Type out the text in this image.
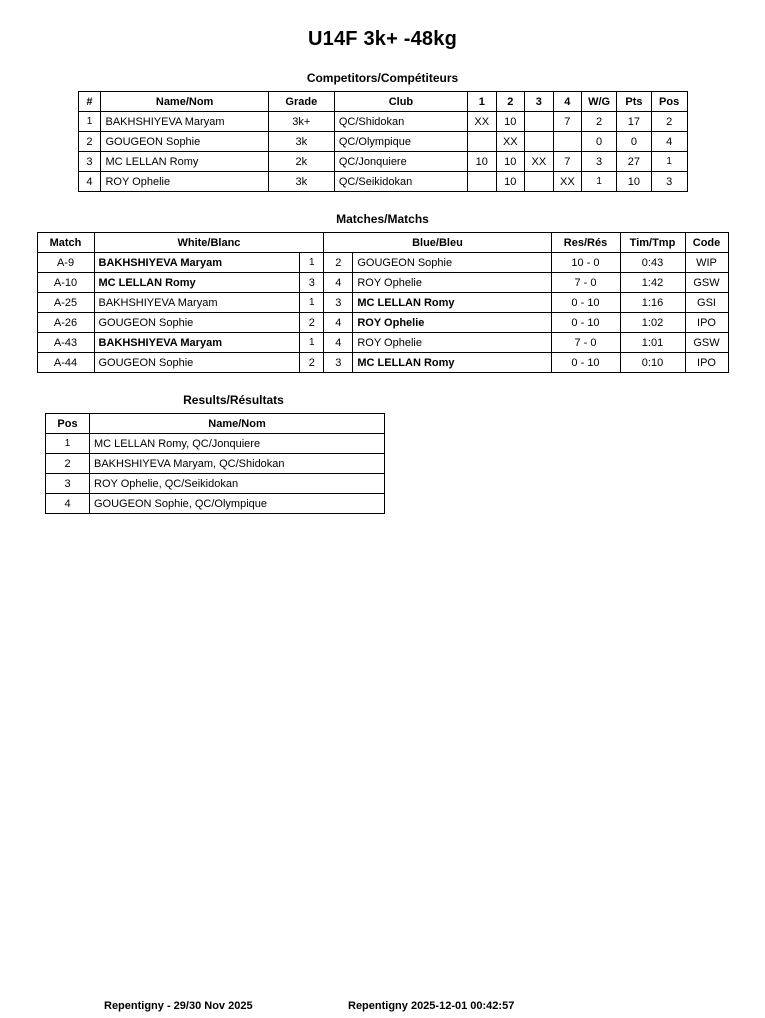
U14F 3k+ -48kg
Competitors/Compétiteurs
#	Name/Nom	Grade	Club	1	2	3	4	W/G	Pts	Pos
1	BAKHSHIYEVA Maryam	3k+	QC/Shidokan	XX	10		7	2	17	2
2	GOUGEON Sophie	3k	QC/Olympique		XX			0	0	4
3	MC LELLAN Romy	2k	QC/Jonquiere	10	10	XX	7	3	27	1
4	ROY Ophelie	3k	QC/Seikidokan		10		XX	1	10	3
Matches/Matchs
Match	White/Blanc		Blue/Bleu		Res/Rés	Tim/Tmp	Code
A-9	BAKHSHIYEVA Maryam	1	2	GOUGEON Sophie	10 - 0	0:43	WIP
A-10	MC LELLAN Romy	3	4	ROY Ophelie	7 - 0	1:42	GSW
A-25	BAKHSHIYEVA Maryam	1	3	MC LELLAN Romy	0 - 10	1:16	GSI
A-26	GOUGEON Sophie	2	4	ROY Ophelie	0 - 10	1:02	IPO
A-43	BAKHSHIYEVA Maryam	1	4	ROY Ophelie	7 - 0	1:01	GSW
A-44	GOUGEON Sophie	2	3	MC LELLAN Romy	0 - 10	0:10	IPO
Results/Résultats
Pos	Name/Nom
1	MC LELLAN Romy, QC/Jonquiere
2	BAKHSHIYEVA Maryam, QC/Shidokan
3	ROY Ophelie, QC/Seikidokan
4	GOUGEON Sophie, QC/Olympique
Repentigny - 29/30 Nov 2025	Repentigny 2025-12-01 00:42:57
